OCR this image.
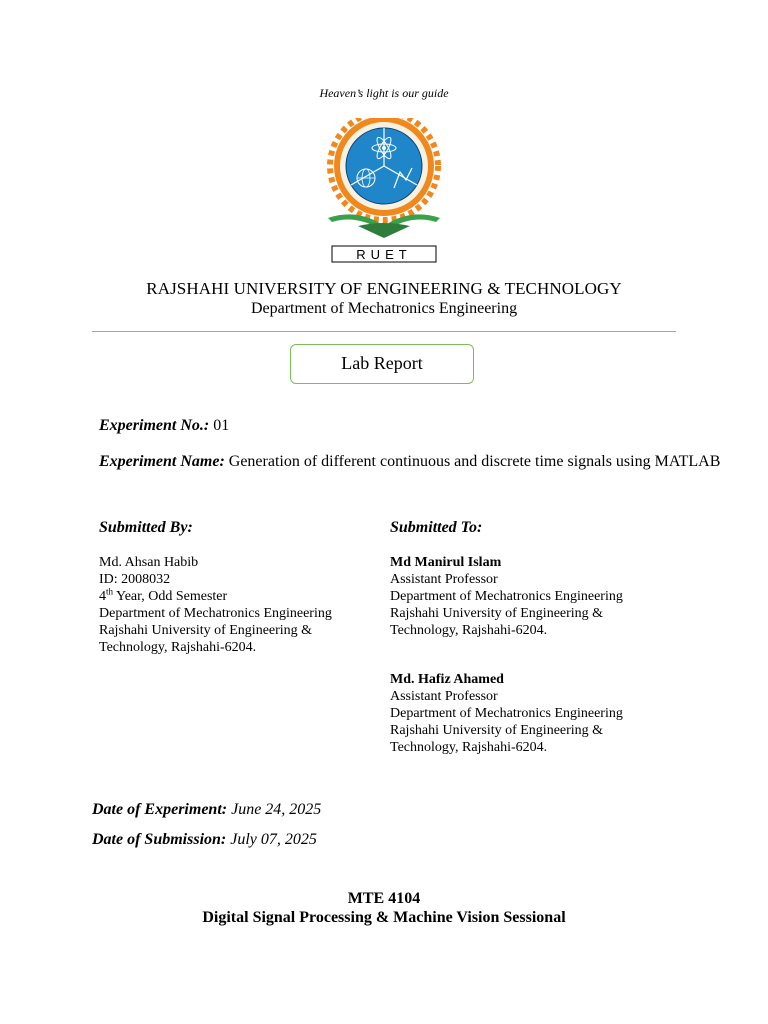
Heaven’s light is our guide
RUET
RAJSHAHI UNIVERSITY OF ENGINEERING & TECHNOLOGY
Department of Mechatronics Engineering
Lab Report
Experiment No.: 01
Experiment Name: Generation of different continuous and discrete time signals using MATLAB
Submitted By:
Md. Ahsan Habib
ID: 2008032
4th Year, Odd Semester
Department of Mechatronics Engineering
Rajshahi University of Engineering &
Technology, Rajshahi-6204.
Submitted To:
Md Manirul Islam
Assistant Professor
Department of Mechatronics Engineering
Rajshahi University of Engineering &
Technology, Rajshahi-6204.
Md. Hafiz Ahamed
Assistant Professor
Department of Mechatronics Engineering
Rajshahi University of Engineering &
Technology, Rajshahi-6204.
Date of Experiment: June 24, 2025
Date of Submission: July 07, 2025
MTE 4104
Digital Signal Processing & Machine Vision Sessional
